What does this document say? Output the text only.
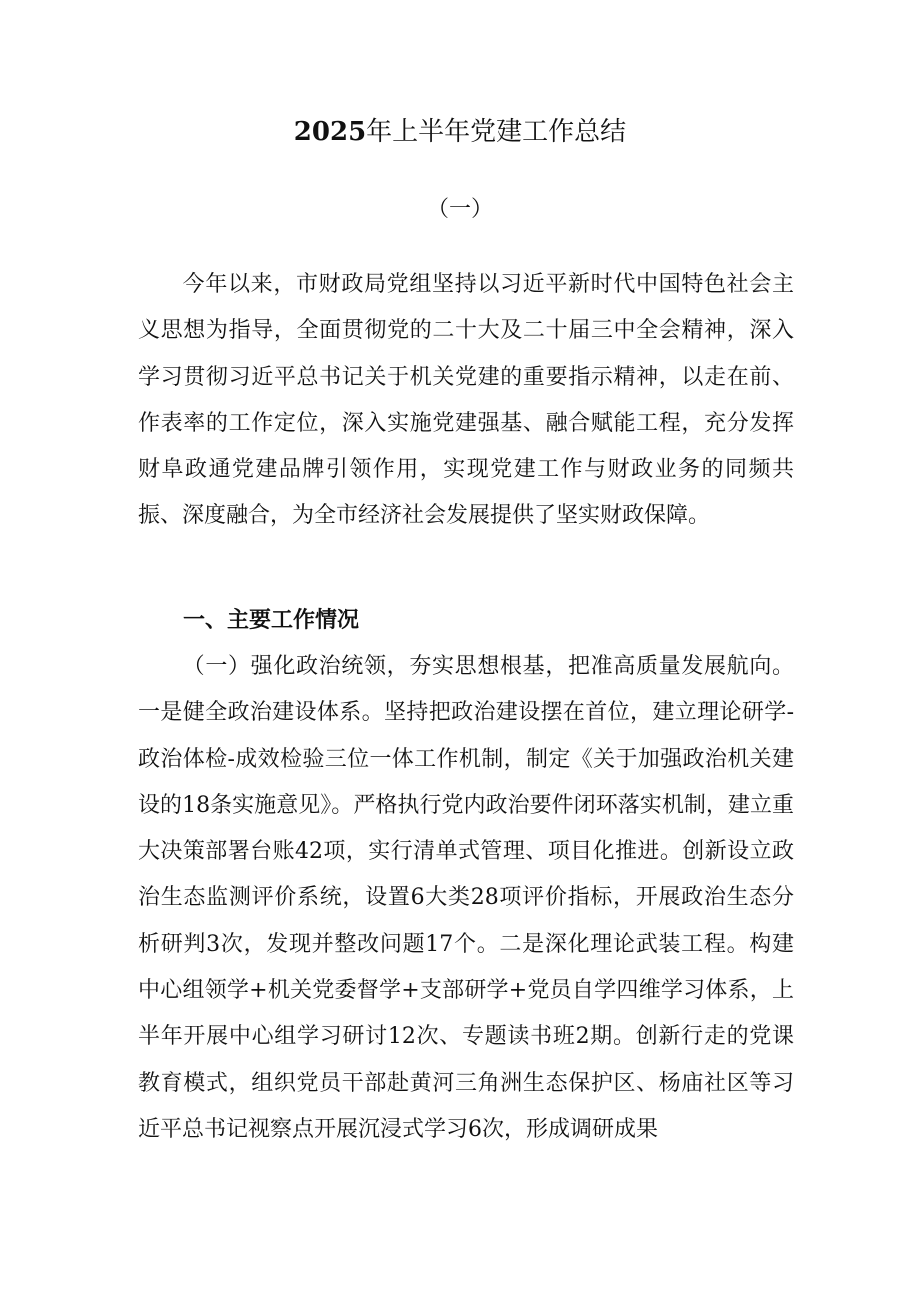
2025年上半年党建工作总结
（一）
今年以来，市财政局党组坚持以习近平新时代中国特色社会主义思想为指导，全面贯彻党的二十大及二十届三中全会精神，深入学习贯彻习近平总书记关于机关党建的重要指示精神，以走在前、作表率的工作定位，深入实施党建强基、融合赋能工程，充分发挥财阜政通党建品牌引领作用，实现党建工作与财政业务的同频共振、深度融合，为全市经济社会发展提供了坚实财政保障。
一、主要工作情况
（一）强化政治统领，夯实思想根基，把准高质量发展航向。一是健全政治建设体系。坚持把政治建设摆在首位，建立理论研学-政治体检-成效检验三位一体工作机制，制定《关于加强政治机关建设的18条实施意见》。严格执行党内政治要件闭环落实机制，建立重大决策部署台账42项，实行清单式管理、项目化推进。创新设立政治生态监测评价系统，设置6大类28项评价指标，开展政治生态分析研判3次，发现并整改问题17个。二是深化理论武装工程。构建中心组领学+机关党委督学+支部研学+党员自学四维学习体系，上半年开展中心组学习研讨12次、专题读书班2期。创新行走的党课教育模式，组织党员干部赴黄河三角洲生态保护区、杨庙社区等习近平总书记视察点开展沉浸式学习6次，形成调研成果
